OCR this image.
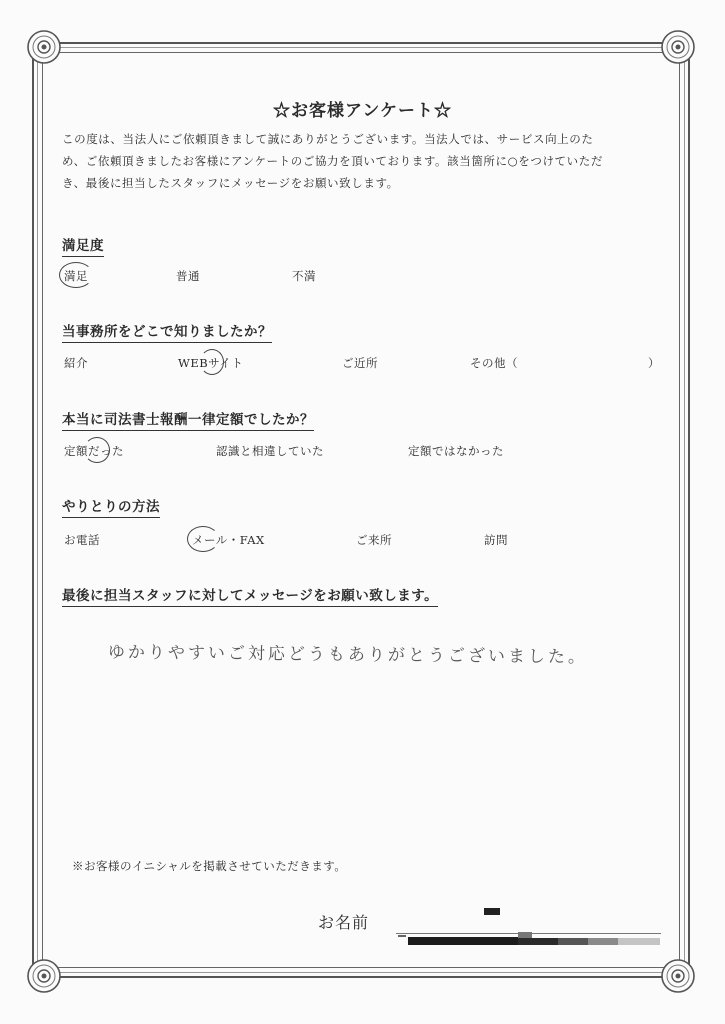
☆お客様アンケート☆
この度は、当法人にご依頼頂きまして誠にありがとうございます。当法人では、サービス向上のた
め、ご依頼頂きましたお客様にアンケートのご協力を頂いております。該当箇所に○をつけていただ
き、最後に担当したスタッフにメッセージをお願い致します。
満足度
満足	普通	不満
当事務所をどこで知りましたか？
紹介	WEBサイト	ご近所	その他（	）
本当に司法書士報酬一律定額でしたか？
定額だった	認識と相違していた	定額ではなかった
やりとりの方法
お電話	メール・FAX	ご来所	訪問
最後に担当スタッフに対してメッセージをお願い致します。
ゆかりやすいご対応どうもありがとうございました。
※お客様のイニシャルを掲載させていただきます。
お名前
